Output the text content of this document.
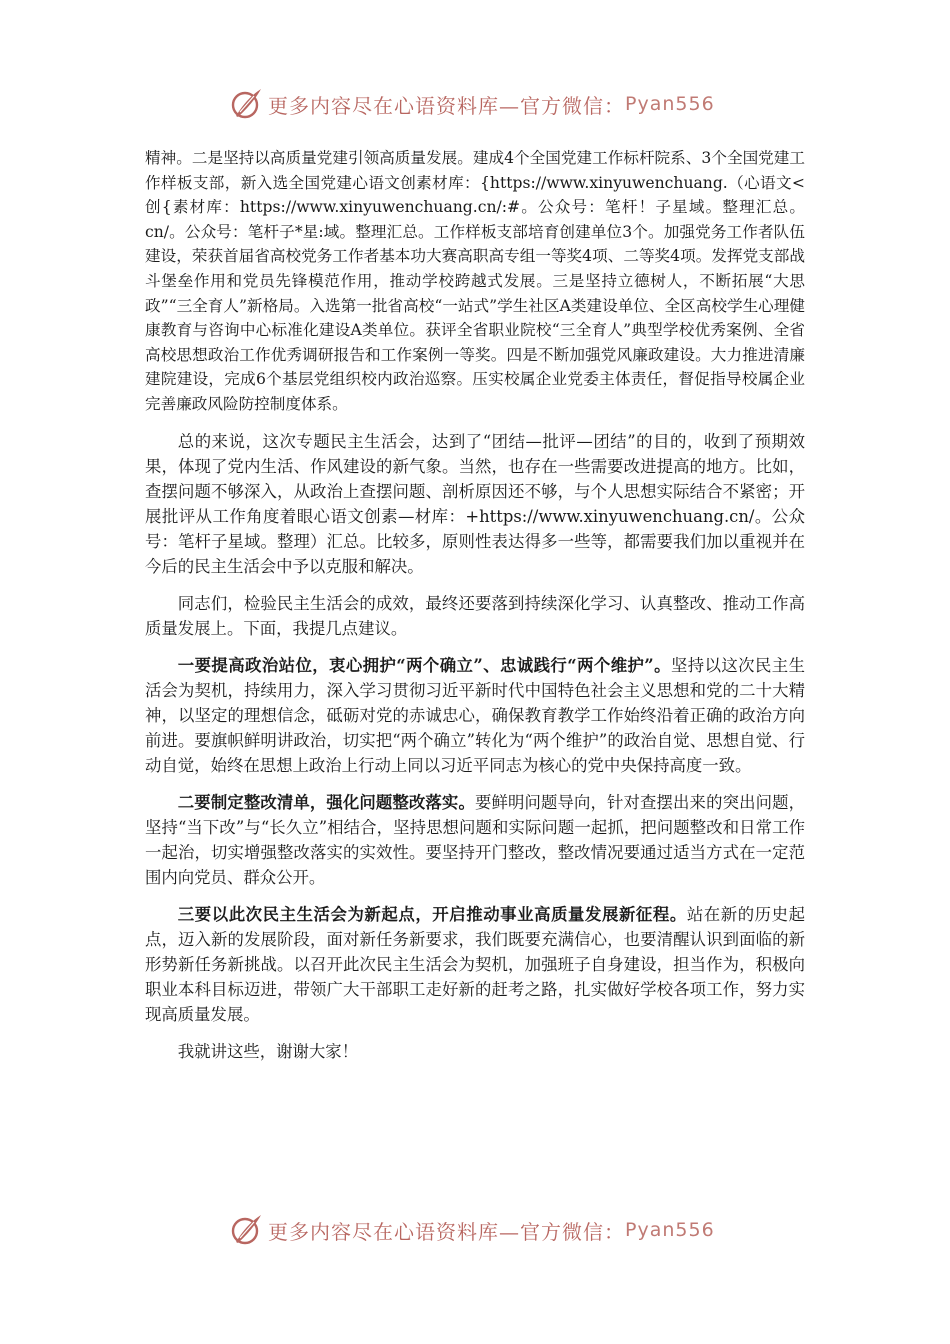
更多内容尽在心语资料库—官方微信： Pyan556

精神。二是坚持以高质量党建引领高质量发展。建成4个全国党建工作标杆院系、3个全国党建工作样板支部，新入选全国党建心语文创素材库：{https://www.xinyuwenchuang.（心语文<创{素材库：https://www.xinyuwenchuang.cn/:#。公众号：笔杆！子星域。整理汇总。cn/。公众号：笔杆子*星:域。整理汇总。工作样板支部培育创建单位3个。加强党务工作者队伍建设，荣获首届省高校党务工作者基本功大赛高职高专组一等奖4项、二等奖4项。发挥党支部战斗堡垒作用和党员先锋模范作用，推动学校跨越式发展。三是坚持立德树人，不断拓展“大思政”“三全育人”新格局。入选第一批省高校“一站式”学生社区A类建设单位、全区高校学生心理健康教育与咨询中心标准化建设A类单位。获评全省职业院校“三全育人”典型学校优秀案例、全省高校思想政治工作优秀调研报告和工作案例一等奖。四是不断加强党风廉政建设。大力推进清廉建院建设，完成6个基层党组织校内政治巡察。压实校属企业党委主体责任，督促指导校属企业完善廉政风险防控制度体系。

总的来说，这次专题民主生活会，达到了“团结—批评—团结”的目的，收到了预期效果，体现了党内生活、作风建设的新气象。当然，也存在一些需要改进提高的地方。比如，查摆问题不够深入，从政治上查摆问题、剖析原因还不够，与个人思想实际结合不紧密；开展批评从工作角度着眼心语文创素—材库：+https://www.xinyuwenchuang.cn/。公众号：笔杆子星域。整理）汇总。比较多，原则性表达得多一些等，都需要我们加以重视并在今后的民主生活会中予以克服和解决。

同志们，检验民主生活会的成效，最终还要落到持续深化学习、认真整改、推动工作高质量发展上。下面，我提几点建议。

一要提高政治站位，衷心拥护“两个确立”、忠诚践行“两个维护”。坚持以这次民主生活会为契机，持续用力，深入学习贯彻习近平新时代中国特色社会主义思想和党的二十大精神，以坚定的理想信念，砥砺对党的赤诚忠心，确保教育教学工作始终沿着正确的政治方向前进。要旗帜鲜明讲政治，切实把“两个确立”转化为“两个维护”的政治自觉、思想自觉、行动自觉，始终在思想上政治上行动上同以习近平同志为核心的党中央保持高度一致。

二要制定整改清单，强化问题整改落实。要鲜明问题导向，针对查摆出来的突出问题，坚持“当下改”与“长久立”相结合，坚持思想问题和实际问题一起抓，把问题整改和日常工作一起治，切实增强整改落实的实效性。要坚持开门整改，整改情况要通过适当方式在一定范围内向党员、群众公开。

三要以此次民主生活会为新起点，开启推动事业高质量发展新征程。站在新的历史起点，迈入新的发展阶段，面对新任务新要求，我们既要充满信心，也要清醒认识到面临的新形势新任务新挑战。以召开此次民主生活会为契机，加强班子自身建设，担当作为，积极向职业本科目标迈进，带领广大干部职工走好新的赶考之路，扎实做好学校各项工作，努力实现高质量发展。

我就讲这些，谢谢大家！

更多内容尽在心语资料库—官方微信： Pyan556
